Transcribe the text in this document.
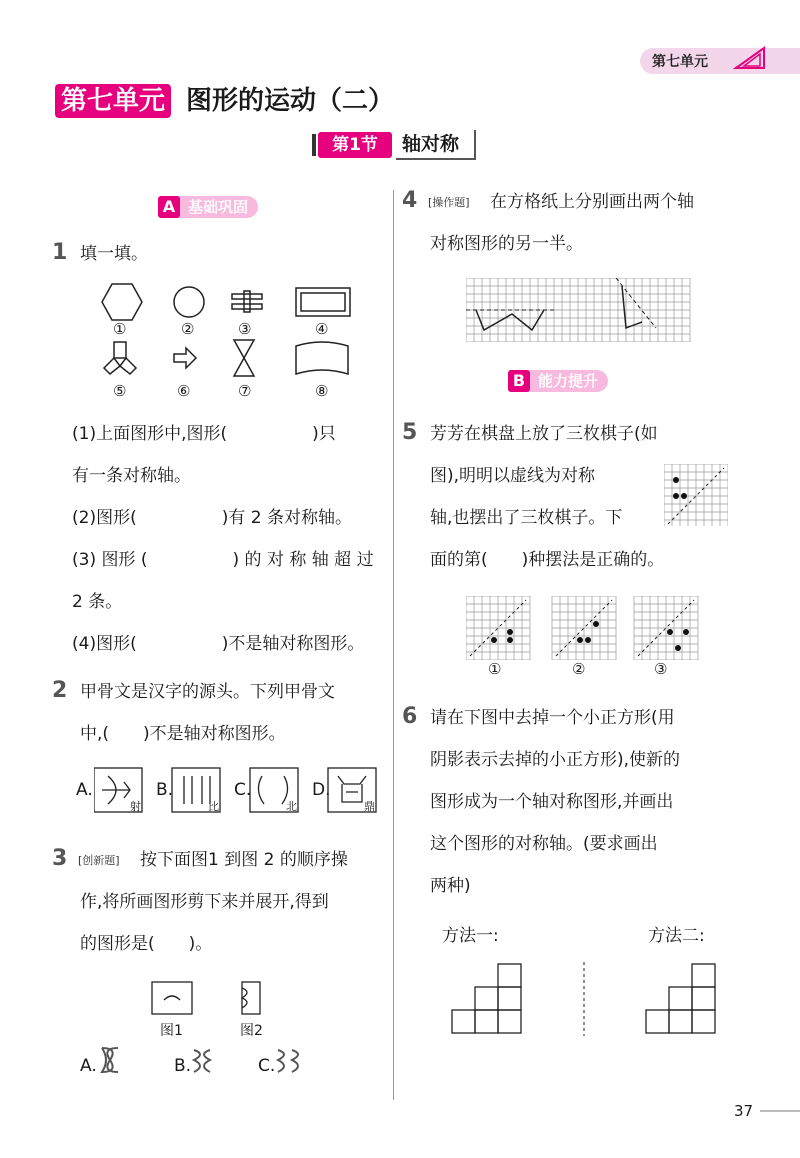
第七单元
第七单元 图形的运动（二）
第1节	轴对称
基础巩固
A
1 填一填。
①	②	③	④
⑤	⑥	⑦	⑧
(1)上面图形中,图形(　　　　　)只
有一条对称轴。
(2)图形(　　　　　)有 2 条对称轴。
(3) 图形 (　　　　　) 的 对 称 轴 超 过
2 条。
(4)图形(　　　　　)不是轴对称图形。
2 甲骨文是汉字的源头。下列甲骨文
中,(　　)不是轴对称图形。
A.	B.	C.	D.
射	比	北	鼎
3 [创新题] 按下面图1 到图 2 的顺序操
作,将所画图形剪下来并展开,得到
的图形是(　　)。
图1	图2
A.	B.	C.
4 [操作题] 在方格纸上分别画出两个轴
对称图形的另一半。
能力提升
B
5 芳芳在棋盘上放了三枚棋子(如
图),明明以虚线为对称
轴,也摆出了三枚棋子。下
面的第(　　)种摆法是正确的。
①	②	③
6 请在下图中去掉一个小正方形(用
阴影表示去掉的小正方形),使新的
图形成为一个轴对称图形,并画出
这个图形的对称轴。(要求画出
两种)
方法一:	方法二:
37
